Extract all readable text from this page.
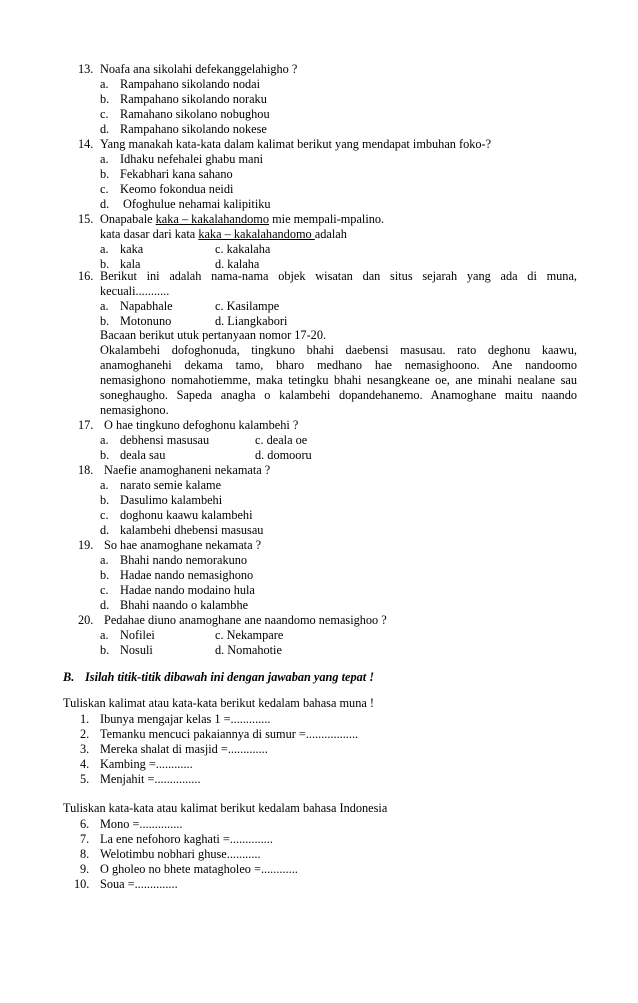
13. Noafa ana sikolahi defekanggelahigho ?
a. Rampahano sikolando nodai
b. Rampahano sikolando noraku
c. Ramahano sikolano nobughou
d. Rampahano sikolando nokese
14. Yang manakah kata-kata dalam kalimat berikut yang mendapat imbuhan foko-?
a. Idhaku nefehalei ghabu mani
b. Fekabhari kana sahano
c. Keomo fokondua neidi
d. Ofoghulue nehamai kalipitiku
15. Onapabale kaka – kakalahandomo mie mempali-mpalino.
kata dasar dari kata kaka – kakalahandomo adalah
a. kaka	c. kakalaha
b. kala	d. kalaha
16. Berikut ini adalah nama-nama objek wisatan dan situs sejarah yang ada di muna,
kecuali...........
a. Napabhale	c. Kasilampe
b. Motonuno	d. Liangkabori
Bacaan berikut utuk pertanyaan nomor 17-20.
Okalambehi dofoghonuda, tingkuno bhahi daebensi masusau. rato deghonu kaawu,
anamoghanehi dekama tamo, bharo medhano hae nemasighoono. Ane nandoomo
nemasighono nomahotiemme, maka tetingku bhahi nesangkeane oe, ane minahi nealane sau
soneghaugho. Sapeda anagha o kalambehi dopandehanemo. Anamoghane maitu naando
nemasighono.
17. O hae tingkuno defoghonu kalambehi ?
a. debhensi masusau	c. deala oe
b. deala sau	d. domooru
18. Naefie anamoghaneni nekamata ?
a. narato semie kalame
b. Dasulimo kalambehi
c. doghonu kaawu kalambehi
d. kalambehi dhebensi masusau
19. So hae anamoghane nekamata ?
a. Bhahi nando nemorakuno
b. Hadae nando nemasighono
c. Hadae nando modaino hula
d. Bhahi naando o kalambhe
20. Pedahae diuno anamoghane ane naandomo nemasighoo ?
a. Nofilei	c. Nekampare
b. Nosuli	d. Nomahotie
B. Isilah titik-titik dibawah ini dengan jawaban yang tepat !
Tuliskan kalimat atau kata-kata berikut kedalam bahasa muna !
1. Ibunya mengajar kelas 1 =.............
2. Temanku mencuci pakaiannya di sumur =.................
3. Mereka shalat di masjid =.............
4. Kambing =............
5. Menjahit =...............
Tuliskan kata-kata atau kalimat berikut kedalam bahasa Indonesia
6. Mono =..............
7. La ene nefohoro kaghati =..............
8. Welotimbu nobhari ghuse...........
9. O gholeo no bhete matagholeo =............
10. Soua =..............
